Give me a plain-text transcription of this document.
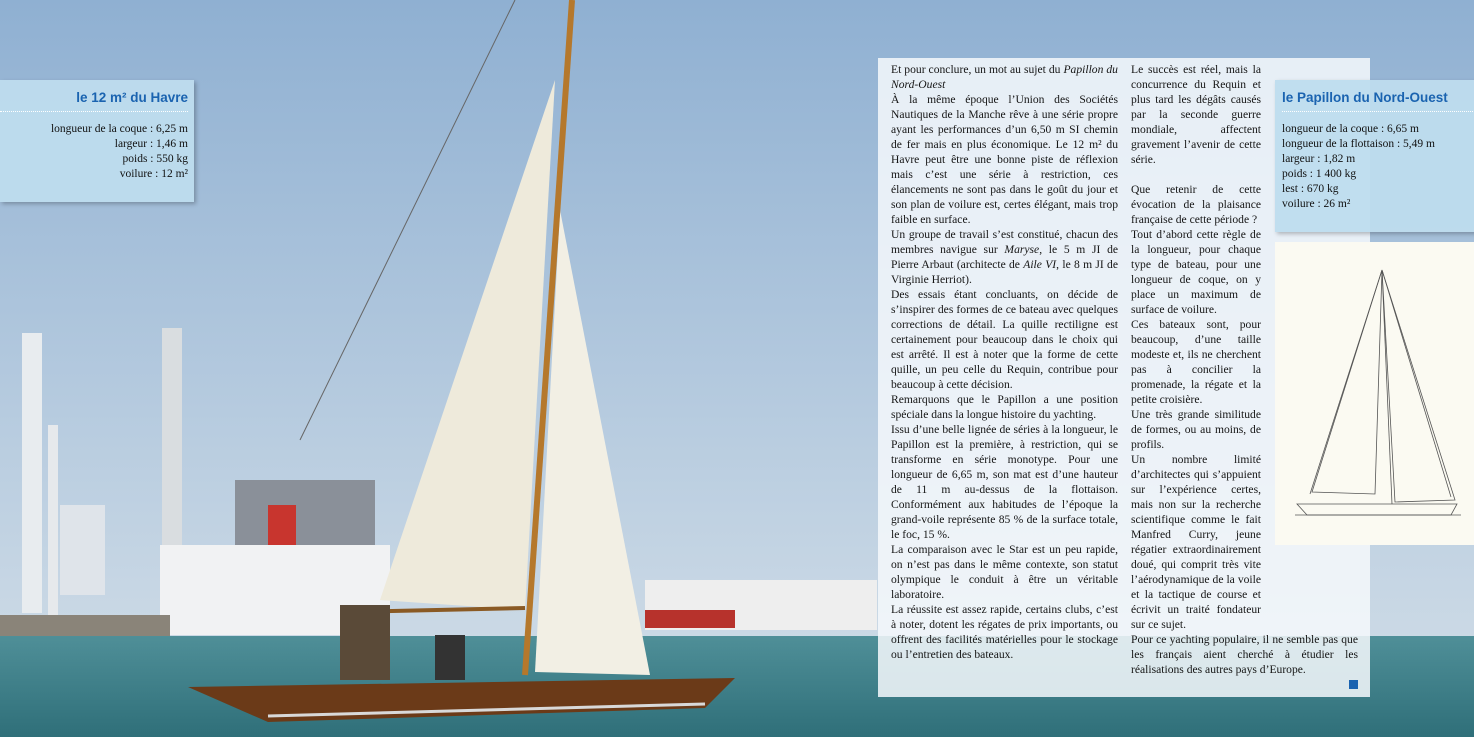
le 12 m² du Havre
longueur de la coque : 6,25 m
largeur : 1,46 m
poids : 550 kg
voilure : 12 m²

Et pour conclure, un mot au sujet du Papillon du Nord-Ouest

À la même époque l’Union des Sociétés Nautiques de la Manche rêve à une série propre ayant les performances d’un 6,50 m SI chemin de fer mais en plus économique. Le 12 m² du Havre peut être une bonne piste de réflexion mais c’est une série à restriction, ces élancements ne sont pas dans le goût du jour et son plan de voilure est, certes élégant, mais trop faible en surface.

Un groupe de travail s’est constitué, chacun des membres navigue sur Maryse, le 5 m JI de Pierre Arbaut (architecte de Aile VI, le 8 m JI de Virginie Herriot).

Des essais étant concluants, on décide de s’inspirer des formes de ce bateau avec quelques corrections de détail. La quille rectiligne est certainement pour beaucoup dans le choix qui est arrêté. Il est à noter que la forme de cette quille, un peu celle du Requin, contribue pour beaucoup à cette décision.

Remarquons que le Papillon a une position spéciale dans la longue histoire du yachting.

Issu d’une belle lignée de séries à la longueur, le Papillon est la première, à restriction, qui se transforme en série monotype. Pour une longueur de 6,65 m, son mat est d’une hauteur de 11 m au-dessus de la flottaison. Conformément aux habitudes de l’époque la grand-voile représente 85 % de la surface totale, le foc, 15 %.

La comparaison avec le Star est un peu rapide, on n’est pas dans le même contexte, son statut olympique le conduit à être un véritable laboratoire.

La réussite est assez rapide, certains clubs, c’est à noter, dotent les régates de prix importants, ou offrent des facilités matérielles pour le stockage ou l’entretien des bateaux.

Le succès est réel, mais la concurrence du Requin et plus tard les dégâts causés par la seconde guerre mondiale, affectent gravement l’avenir de cette série.

Que retenir de cette évocation de la plaisance française de cette période ?

Tout d’abord cette règle de la longueur, pour chaque type de bateau, pour une longueur de coque, on y place un maximum de surface de voilure.

Ces bateaux sont, pour beaucoup, d’une taille modeste et, ils ne cherchent pas à concilier la promenade, la régate et la petite croisière.

Une très grande similitude de formes, ou au moins, de profils.

Un nombre limité d’architectes qui s’appuient sur l’expérience certes, mais non sur la recherche scientifique comme le fait Manfred Curry, jeune régatier extraordinairement doué, qui comprit très vite l’aérodynamique de la voile et la tactique de course et écrivit un traité fondateur sur ce sujet.

Pour ce yachting populaire, il ne semble pas que les français aient cherché à étudier les réalisations des autres pays d’Europe.

le Papillon du Nord-Ouest
longueur de la coque : 6,65 m
longueur de la flottaison : 5,49 m
largeur : 1,82 m
poids : 1 400 kg
lest : 670 kg
voilure : 26 m²
